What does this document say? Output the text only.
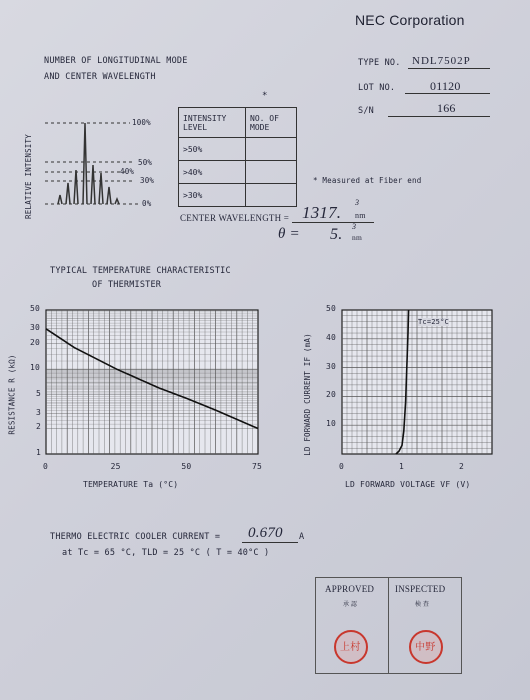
NEC Corporation
TYPE NO. NDL7502P
LOT NO.	01120
S/N	166
NUMBER OF LONGITUDINAL MODE
AND CENTER WAVELENGTH
RELATIVE INTENSITY
100%
50%
40%
30%
0%
*
INTENSITY LEVEL	NO. OF MODE
>50%	
>40%	
>30%	
* Measured at Fiber end
CENTER WAVELENGTH = 1317.
3
nm
θ = 5. 3
nm
TYPICAL TEMPERATURE CHARACTERISTIC
OF THERMISTER
RESISTANCE R (kΩ)
1
2
3
5
10
20
30
50
0	25	50	75
TEMPERATURE Ta (°C)
LD FORWARD CURRENT IF (mA) 10
20
30
40
50
0	1	2
Tc=25°C
LD FORWARD VOLTAGE VF (V)
THERMO ELECTRIC COOLER CURRENT = 0.670 A
at Tc = 65 °C, TLD = 25 °C ( T = 40°C )
APPROVED
承 認
上村
INSPECTED
検 査
中野
